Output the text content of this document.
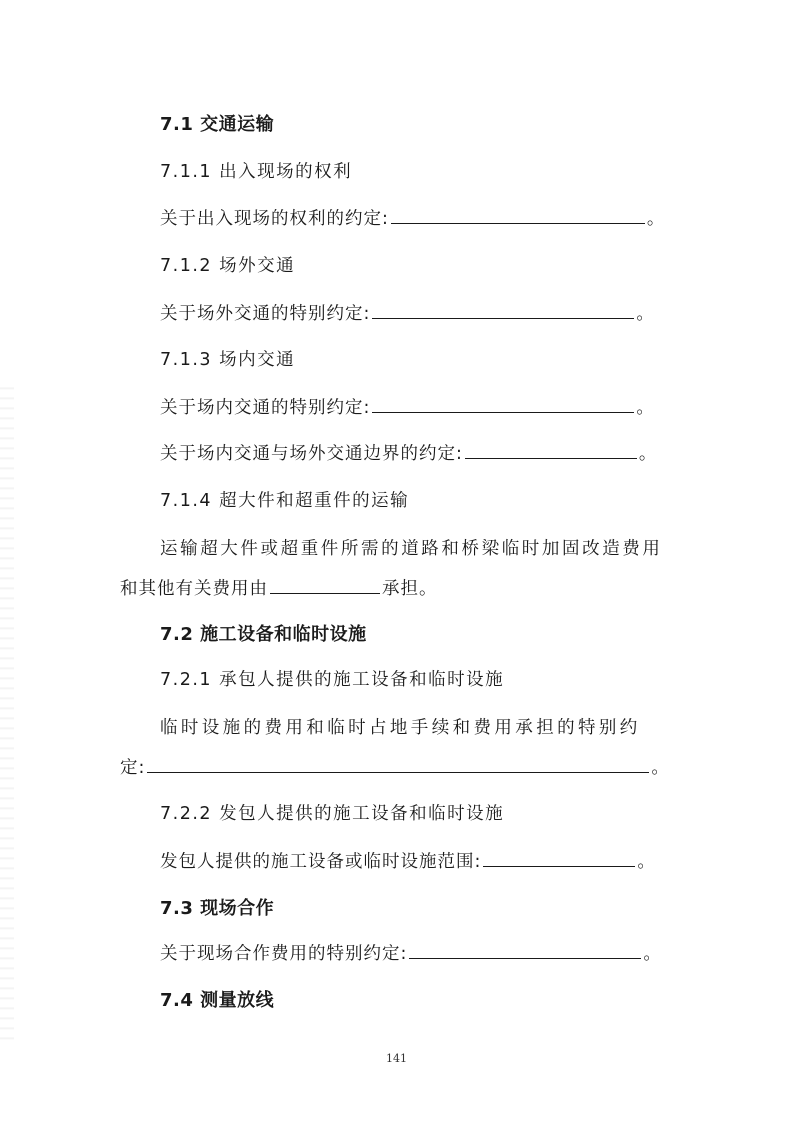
7.1 交通运输
7.1.1 出入现场的权利
关于出入现场的权利的约定:	。
7.1.2 场外交通
关于场外交通的特别约定:	。
7.1.3 场内交通
关于场内交通的特别约定:	。
关于场内交通与场外交通边界的约定:	。
7.1.4 超大件和超重件的运输
运输超大件或超重件所需的道路和桥梁临时加固改造费用
和其他有关费用由	承担。
7.2 施工设备和临时设施
7.2.1 承包人提供的施工设备和临时设施
临时设施的费用和临时占地手续和费用承担的特别约
定:	。
7.2.2 发包人提供的施工设备和临时设施
发包人提供的施工设备或临时设施范围:	。
7.3 现场合作
关于现场合作费用的特别约定:	。
7.4 测量放线
141
